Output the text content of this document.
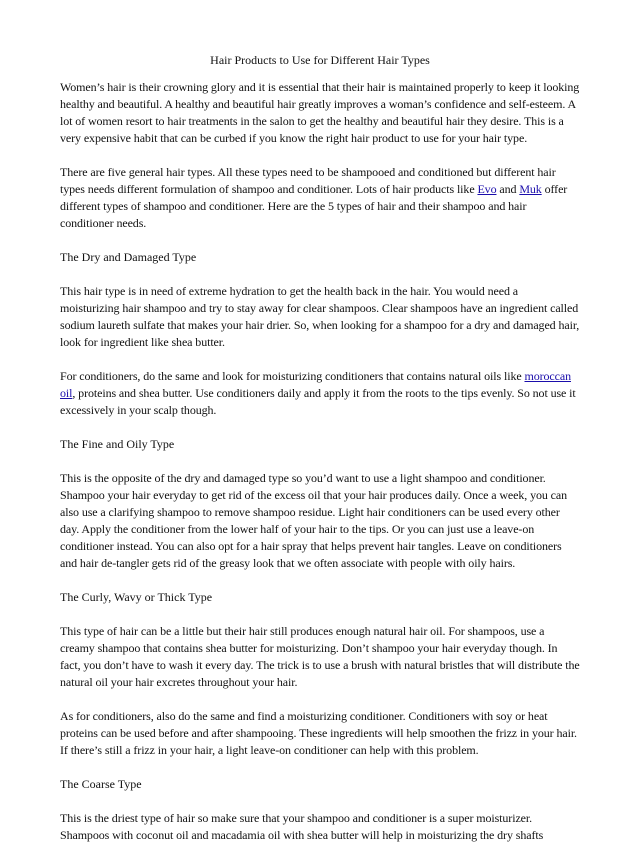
Hair Products to Use for Different Hair Types

Women’s hair is their crowning glory and it is essential that their hair is maintained properly to keep it looking healthy and beautiful. A healthy and beautiful hair greatly improves a woman’s confidence and self-esteem. A lot of women resort to hair treatments in the salon to get the healthy and beautiful hair they desire. This is a very expensive habit that can be curbed if you know the right hair product to use for your hair type.

There are five general hair types. All these types need to be shampooed and conditioned but different hair types needs different formulation of shampoo and conditioner. Lots of hair products like Evo and Muk offer different types of shampoo and conditioner. Here are the 5 types of hair and their shampoo and hair conditioner needs.

The Dry and Damaged Type

This hair type is in need of extreme hydration to get the health back in the hair. You would need a moisturizing hair shampoo and try to stay away for clear shampoos. Clear shampoos have an ingredient called sodium laureth sulfate that makes your hair drier. So, when looking for a shampoo for a dry and damaged hair, look for ingredient like shea butter.

For conditioners, do the same and look for moisturizing conditioners that contains natural oils like moroccan oil, proteins and shea butter. Use conditioners daily and apply it from the roots to the tips evenly. So not use it excessively in your scalp though.

The Fine and Oily Type

This is the opposite of the dry and damaged type so you’d want to use a light shampoo and conditioner. Shampoo your hair everyday to get rid of the excess oil that your hair produces daily. Once a week, you can also use a clarifying shampoo to remove shampoo residue. Light hair conditioners can be used every other day. Apply the conditioner from the lower half of your hair to the tips. Or you can just use a leave-on conditioner instead. You can also opt for a hair spray that helps prevent hair tangles. Leave on conditioners and hair de-tangler gets rid of the greasy look that we often associate with people with oily hairs.

The Curly, Wavy or Thick Type

This type of hair can be a little but their hair still produces enough natural hair oil. For shampoos, use a creamy shampoo that contains shea butter for moisturizing. Don’t shampoo your hair everyday though. In fact, you don’t have to wash it every day. The trick is to use a brush with natural bristles that will distribute the natural oil your hair excretes throughout your hair.

As for conditioners, also do the same and find a moisturizing conditioner. Conditioners with soy or heat proteins can be used before and after shampooing. These ingredients will help smoothen the frizz in your hair. If there’s still a frizz in your hair, a light leave-on conditioner can help with this problem.

The Coarse Type

This is the driest type of hair so make sure that your shampoo and conditioner is a super moisturizer. Shampoos with coconut oil and macadamia oil with shea butter will help in moisturizing the dry shafts
